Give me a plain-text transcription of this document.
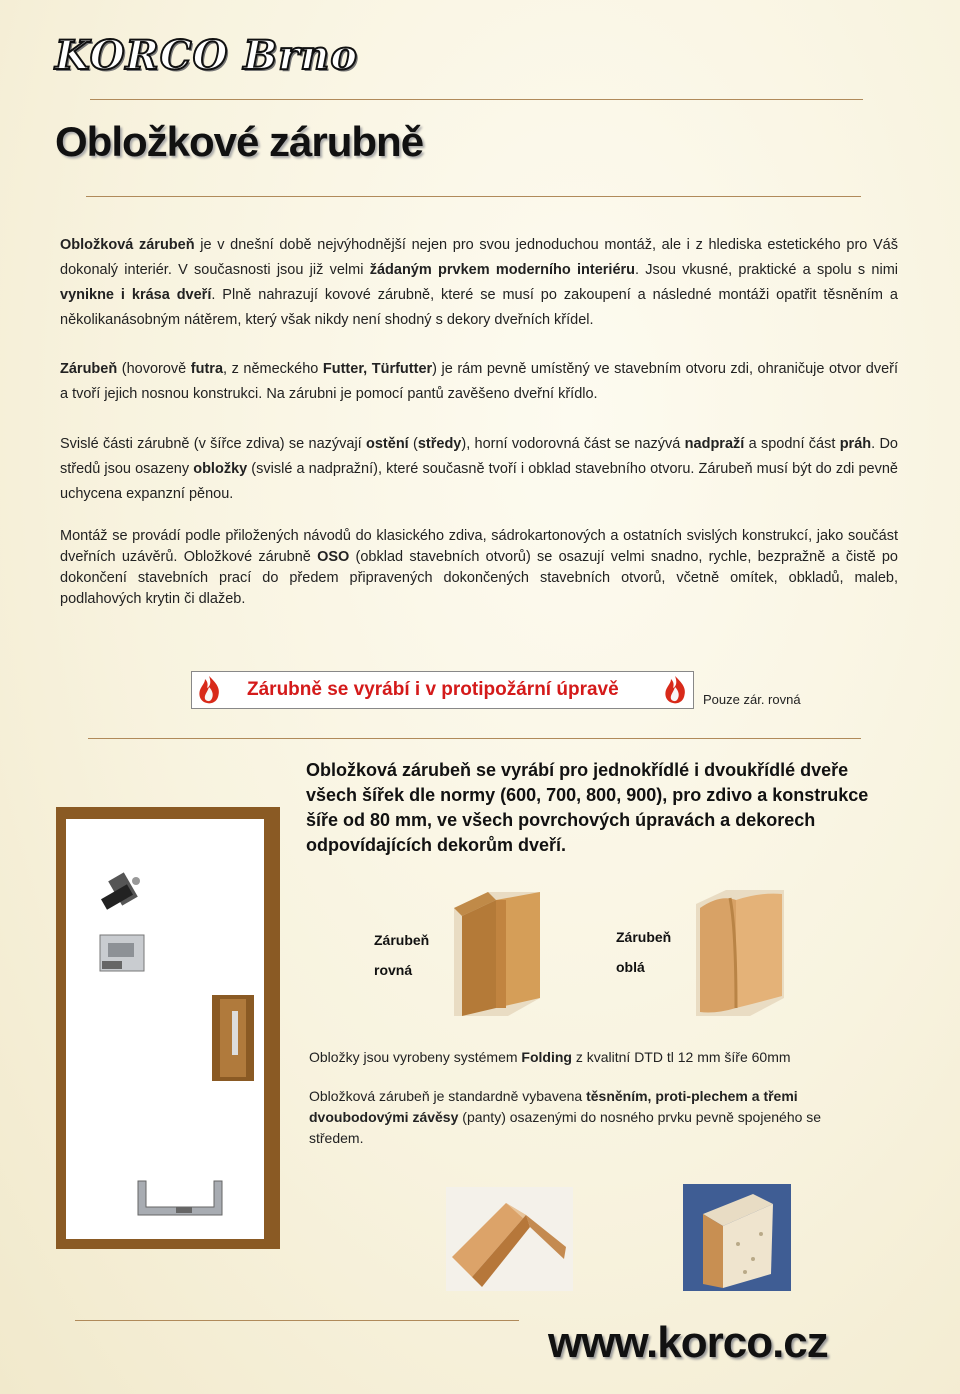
KORCO Brno
Obložkové zárubně
Obložková zárubeň je v dnešní době nejvýhodnější nejen pro svou jednoduchou montáž, ale i z hlediska estetického pro Váš dokonalý interiér. V současnosti jsou již velmi žádaným prvkem moderního interiéru. Jsou vkusné, praktické a spolu s nimi vynikne i krása dveří. Plně nahrazují kovové zárubně, které se musí po zakoupení a následné montáži opatřit těsněním a několikanásobným nátěrem, který však nikdy není shodný s dekory dveřních křídel.
Zárubeň (hovorově futra, z německého Futter, Türfutter) je rám pevně umístěný ve stavebním otvoru zdi, ohraničuje otvor dveří a tvoří jejich nosnou konstrukci. Na zárubni je pomocí pantů zavěšeno dveřní křídlo.
Svislé části zárubně (v šířce zdiva) se nazývají ostění (středy), horní vodorovná část se nazývá nadpraží a spodní část práh. Do středů jsou osazeny obložky (svislé a nadpražní), které současně tvoří i obklad stavebního otvoru. Zárubeň musí být do zdi pevně uchycena expanzní pěnou.
Montáž se provádí podle přiložených návodů do klasického zdiva, sádrokartonových a ostatních svislých konstrukcí, jako součást dveřních uzávěrů. Obložkové zárubně OSO (obklad stavebních otvorů) se osazují velmi snadno, rychle, bezpražně a čistě po dokončení stavebních prací do předem připravených dokončených stavebních otvorů, včetně omítek, obkladů, maleb, podlahových krytin či dlažeb.
Zárubně se vyrábí i v protipožární úpravě	Pouze zár. rovná
Obložková zárubeň se vyrábí pro jednokřídlé i dvoukřídlé dveře všech šířek dle normy (600, 700, 800, 900), pro zdivo a konstrukce šíře od 80 mm, ve všech povrchových úpravách a dekorech odpovídajících dekorům dveří.
Zárubeň
rovná
Zárubeň
oblá
Obložky jsou vyrobeny systémem Folding z kvalitní DTD tl 12 mm šíře 60mm
Obložková zárubeň je standardně vybavena těsněním, proti-plechem a třemi dvoubodovými závěsy (panty) osazenými do nosného prvku pevně spojeného se středem.
www.korco.cz
